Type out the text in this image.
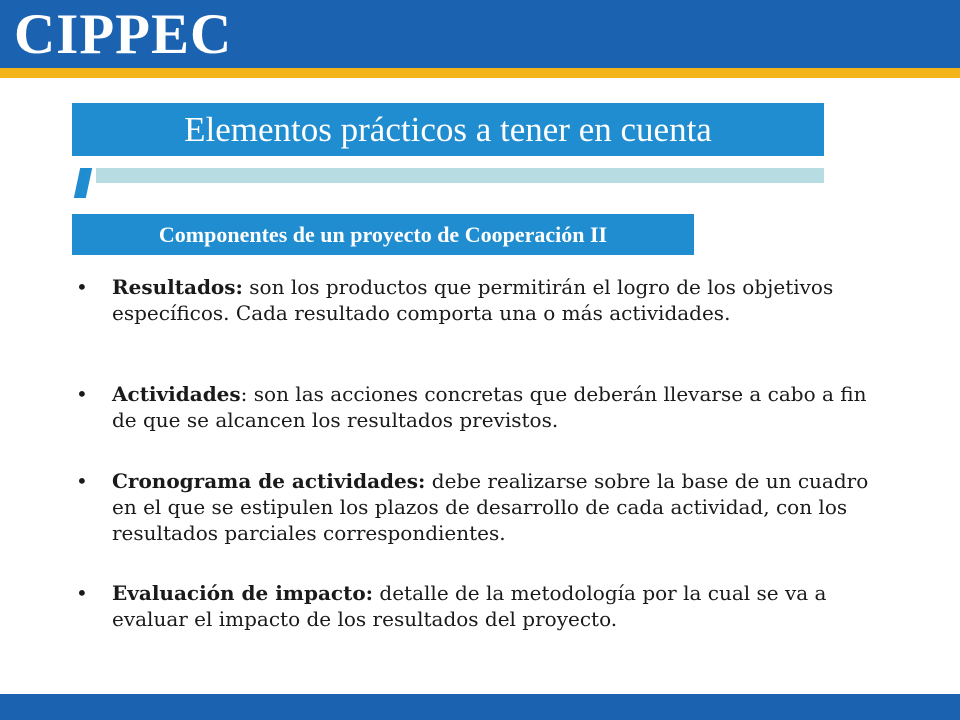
CIPPEC
Elementos prácticos a tener en cuenta
Componentes de un proyecto de Cooperación II
• Resultados: son los productos que permitirán el logro de los objetivos específicos. Cada resultado comporta una o más actividades.
• Actividades: son las acciones concretas que deberán llevarse a cabo a fin de que se alcancen los resultados previstos.
• Cronograma de actividades: debe realizarse sobre la base de un cuadro en el que se estipulen los plazos de desarrollo de cada actividad, con los resultados parciales correspondientes.
• Evaluación de impacto: detalle de la metodología por la cual se va a evaluar el impacto de los resultados del proyecto.
